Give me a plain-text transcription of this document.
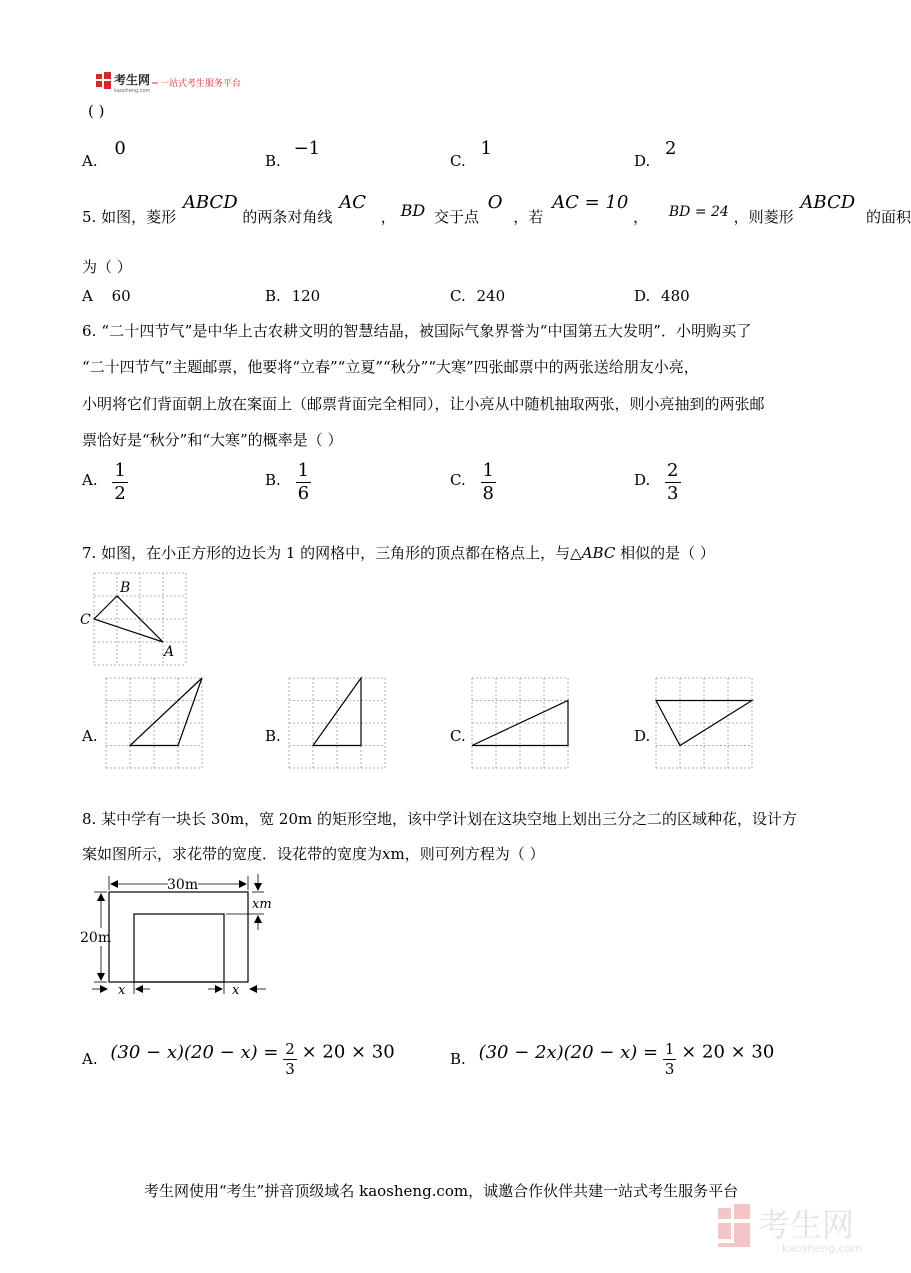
考生网
kaosheng.com
一站式考生服务平台
( )
A. 0
B. −1
C. 1
D. 2
5. 如图，菱形 ABCD 的两条对角线 AC ， BD 交于点 O ，若 AC = 10 ， BD = 24 ，则菱形 ABCD 的面积
为（ ）
A 60	B. 120	C. 240	D. 480
6. “二十四节气”是中华上古农耕文明的智慧结晶，被国际气象界誉为“中国第五大发明”．小明购买了
“二十四节气”主题邮票，他要将“立春”“立夏”“秋分”“大寒”四张邮票中的两张送给朋友小亮，
小明将它们背面朝上放在案面上（邮票背面完全相同），让小亮从中随机抽取两张，则小亮抽到的两张邮
票恰好是“秋分”和“大寒”的概率是（ ）
A. $\frac{1}{2}$	B. $\frac{1}{6}$	C. $\frac{1}{8}$	D. $\frac{2}{3}$
7. 如图，在小正方形的边长为 1 的网格中，三角形的顶点都在格点上，与△ABC 相似的是（ ）
B
C
A
A.	B.	C.	D.
8. 某中学有一块长 30m，宽 20m 的矩形空地，该中学计划在这块空地上划出三分之二的区域种花，设计方
案如图所示，求花带的宽度．设花带的宽度为xm，则可列方程为（ ）
30m
20m
xm
x	x
A. $(30 - x)(20 - x) = \frac{2}{3} \times 20 \times 30$	B. $(30 - 2x)(20 - x) = \frac{1}{3} \times 20 \times 30$
考生网使用“考生”拼音顶级域名 kaosheng.com，诚邀合作伙伴共建一站式考生服务平台
考生网
kaosheng.com
